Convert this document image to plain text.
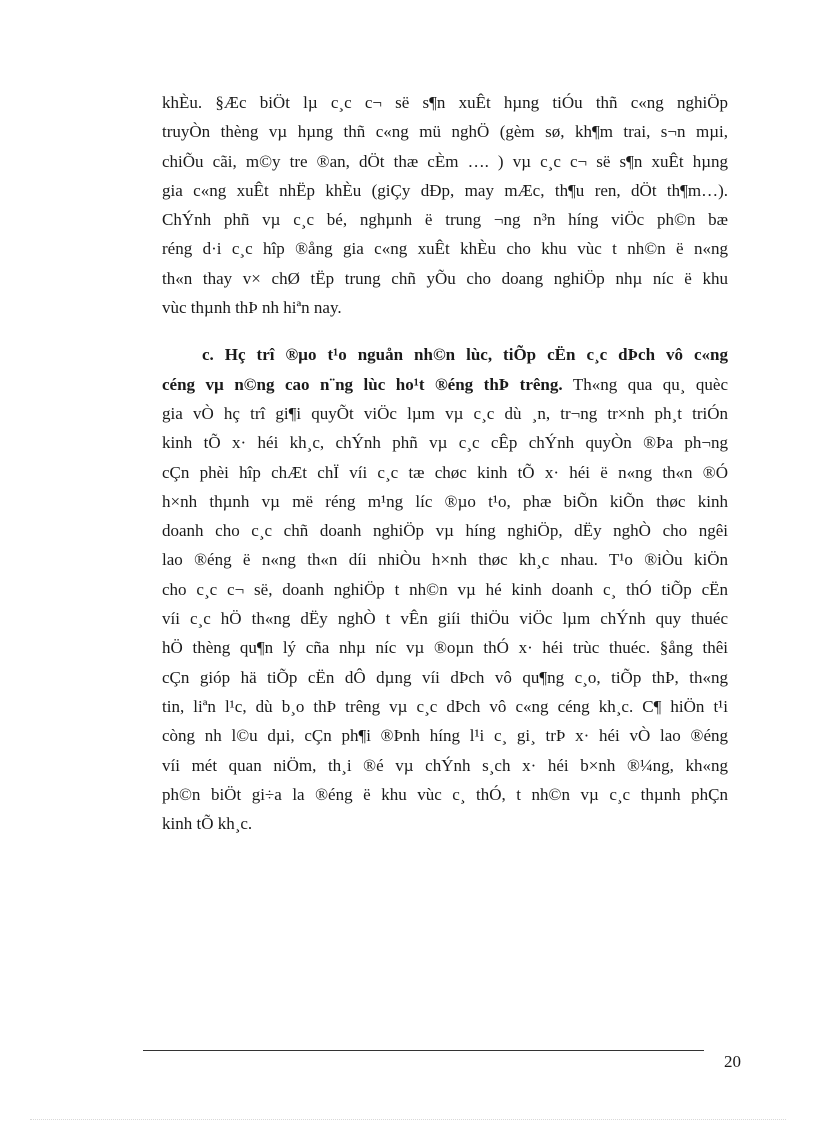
khÈu. §Æc biÖt lµ c¸c c¬ së s¶n xuÊt hµng tiÓu thñ c«ng nghiÖp
truyÒn thèng vµ hµng thñ c«ng mü nghÖ (gèm sø, kh¶m trai, s¬n mµi,
chiÕu cãi, m©y tre ®an, dÖt thæ cÈm …. ) vµ c¸c c¬ së s¶n xuÊt hµng
gia c«ng xuÊt nhËp khÈu (giÇy dÐp, may mÆc, th¶u ren, dÖt th¶m…).
ChÝnh phñ vµ c¸c bé, nghµnh ë trung ¬ng n³n híng viÖc ph©n bæ
réng d·i c¸c hîp ®ång gia c«ng xuÊt khÈu cho khu vùc t nh©n ë n«ng
th«n thay v× chØ tËp trung chñ yÕu cho doang nghiÖp nhµ níc ë khu
vùc thµnh thÞ nh hiªn nay.
c. Hç trî ®µo t¹o nguån nh©n lùc, tiÕp cËn c¸c dÞch vô c«ng
céng vµ n©ng cao n¨ng lùc ho¹t ®éng thÞ trêng. Th«ng qua qu¸ quèc
gia vÒ hç trî gi¶i quyÕt viÖc lµm vµ c¸c dù ¸n, tr¬ng tr×nh ph¸t triÓn
kinh tÕ x· héi kh¸c, chÝnh phñ vµ c¸c cÊp chÝnh quyÒn ®Þa ph¬ng
cÇn phèi hîp chÆt chÏ víi c¸c tæ chøc kinh tÕ x· héi ë n«ng th«n ®Ó
h×nh thµnh vµ më réng m¹ng líc ®µo t¹o, phæ biÕn kiÕn thøc kinh
doanh cho c¸c chñ doanh nghiÖp vµ híng nghiÖp, dËy nghÒ cho ngêi
lao ®éng ë n«ng th«n díi nhiÒu h×nh thøc kh¸c nhau. T¹o ®iÒu kiÖn
cho c¸c c¬ së, doanh nghiÖp t nh©n vµ hé kinh doanh c¸ thÓ tiÕp cËn
víi c¸c hÖ th«ng dËy nghÒ t vÊn giíi thiÖu viÖc lµm chÝnh quy thuéc
hÖ thèng qu¶n lý cña nhµ níc vµ ®oµn thÓ x· héi trùc thuéc. §ång thêi
cÇn gióp hä tiÕp cËn dÔ dµng víi dÞch vô qu¶ng c¸o, tiÕp thÞ, th«ng
tin, liªn l¹c, dù b¸o thÞ trêng vµ c¸c dÞch vô c«ng céng kh¸c. C¶ hiÖn t¹i
còng nh l©u dµi, cÇn ph¶i ®Þnh híng l¹i c¸ gi¸ trÞ x· héi vÒ lao ®éng
víi mét quan niÖm, th¸i ®é vµ chÝnh s¸ch x· héi b×nh ®¼ng, kh«ng
ph©n biÖt gi÷a la ®éng ë khu vùc c¸ thÓ, t nh©n vµ c¸c thµnh phÇn
kinh tÕ kh¸c.
20
